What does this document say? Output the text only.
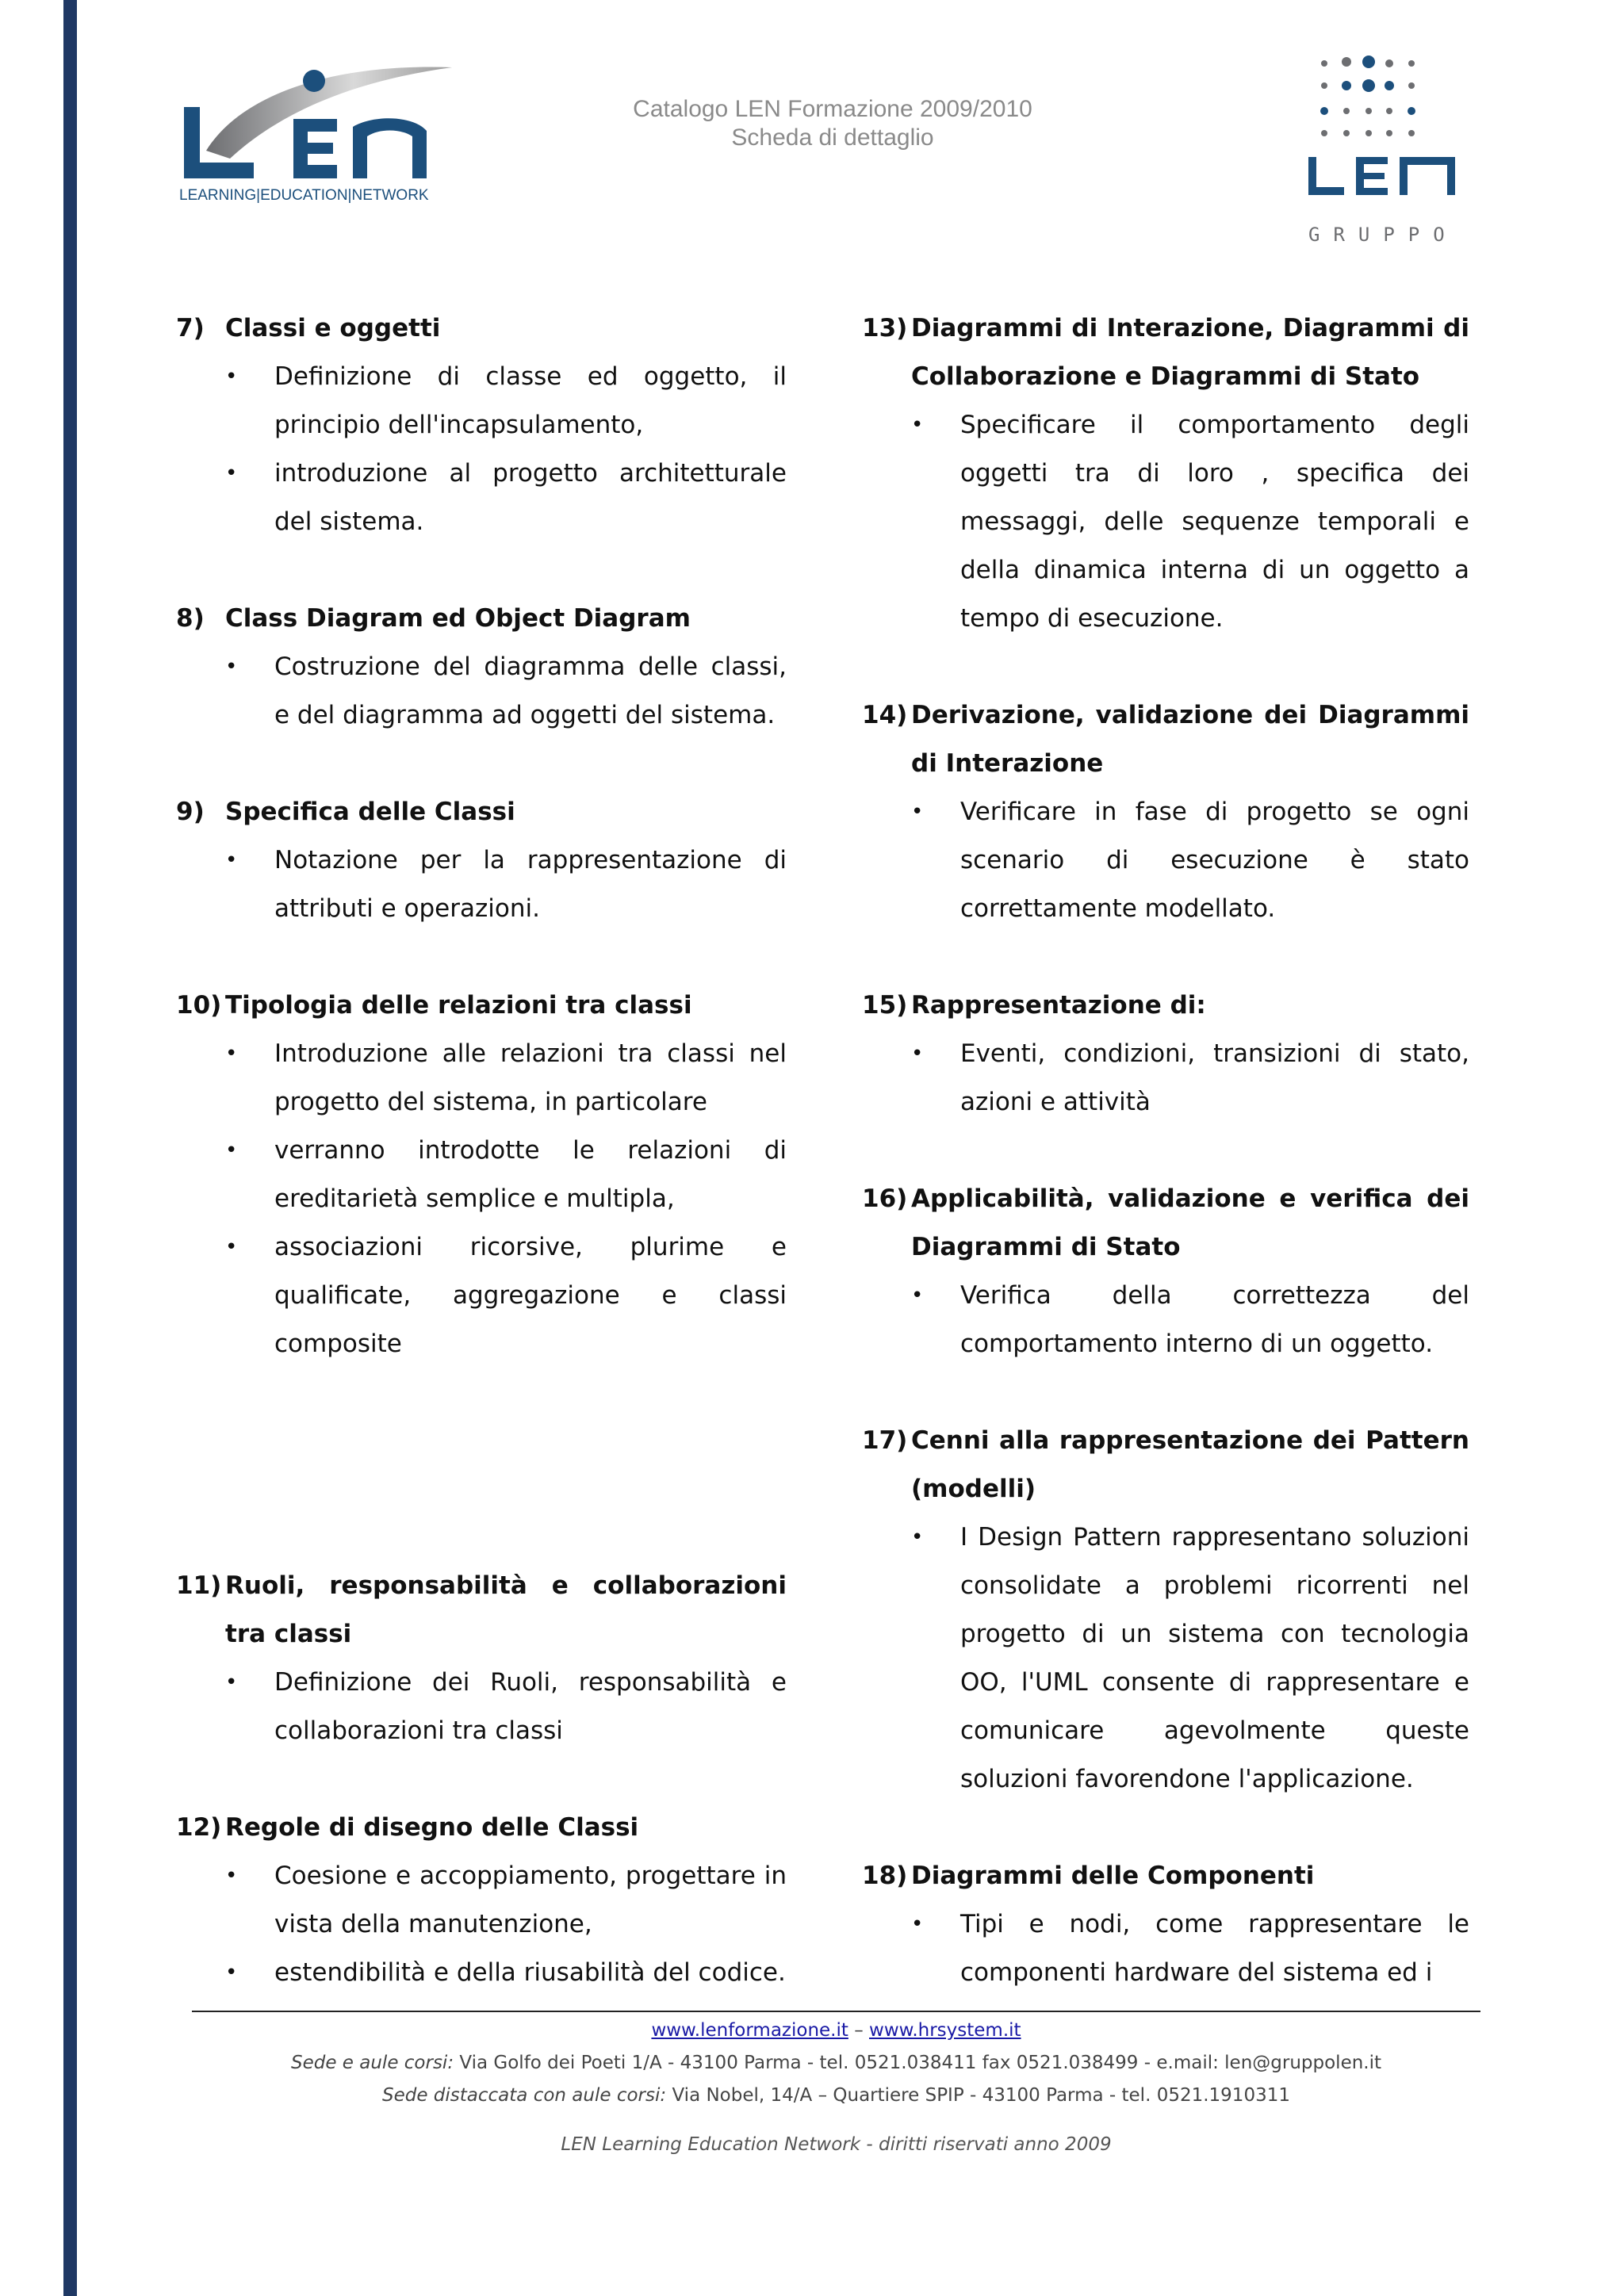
LEARNING|EDUCATION|NETWORK
Catalogo LEN Formazione 2009/2010
Scheda di dettaglio
GRUPPO
7) Classi e oggetti
•	Definizione di classe ed oggetto, il principio dell'incapsulamento,
•	introduzione al progetto architetturale del sistema.
8) Class Diagram ed Object Diagram
•	Costruzione del diagramma delle classi, e del diagramma ad oggetti del sistema.
9) Specifica delle Classi
•	Notazione per la rappresentazione di attributi e operazioni.
10) Tipologia delle relazioni tra classi
•	Introduzione alle relazioni tra classi nel progetto del sistema, in particolare
•	verranno introdotte le relazioni di ereditarietà semplice e multipla,
•	associazioni ricorsive, plurime e qualificate, aggregazione e classi composite
11) Ruoli, responsabilità e collaborazioni tra classi
•	Definizione dei Ruoli, responsabilità e collaborazioni tra classi
12) Regole di disegno delle Classi
•	Coesione e accoppiamento, progettare in vista della manutenzione,
•	estendibilità e della riusabilità del codice.
13) Diagrammi di Interazione, Diagrammi di Collaborazione e Diagrammi di Stato
•	Specificare il comportamento degli oggetti tra di loro , specifica dei messaggi, delle sequenze temporali e della dinamica interna di un oggetto a tempo di esecuzione.
14) Derivazione, validazione dei Diagrammi di Interazione
•	Verificare in fase di progetto se ogni scenario di esecuzione è stato correttamente modellato.
15) Rappresentazione di:
•	Eventi, condizioni, transizioni di stato, azioni e attività
16) Applicabilità, validazione e verifica dei Diagrammi di Stato
•	Verifica della correttezza del comportamento interno di un oggetto.
17) Cenni alla rappresentazione dei Pattern (modelli)
•	I Design Pattern rappresentano soluzioni consolidate a problemi ricorrenti nel progetto di un sistema con tecnologia OO, l'UML consente di rappresentare e comunicare agevolmente queste soluzioni favorendone l'applicazione.
18) Diagrammi delle Componenti
•	Tipi e nodi, come rappresentare le componenti hardware del sistema ed i
www.lenformazione.it – www.hrsystem.it
Sede e aule corsi: Via Golfo dei Poeti 1/A - 43100 Parma - tel. 0521.038411 fax 0521.038499 - e.mail: len@gruppolen.it
Sede distaccata con aule corsi: Via Nobel, 14/A – Quartiere SPIP - 43100 Parma - tel. 0521.1910311
LEN Learning Education Network - diritti riservati anno 2009
